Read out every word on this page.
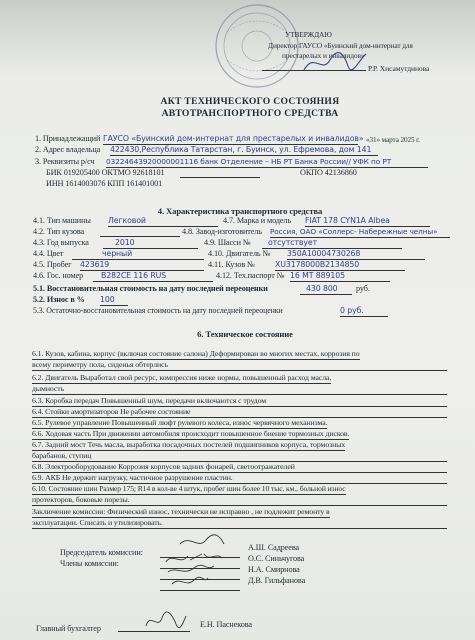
УТВЕРЖДАЮ
Директор ГАУСО «Буинский дом-интернат для
престарелых и инвалидов»
Р.Р. Хисамутдинова
АКТ ТЕХНИЧЕСКОГО СОСТОЯНИЯ
АВТОТРАНСПОРТНОГО СРЕДСТВА
1. Принадлежащий ГАУСО «Буинский дом-интернат для престарелых и инвалидов» «31» марта 2025 г.
2. Адрес владельца 422430,Республика Татарстан, г. Буинск, ул. Ефремова, дом 141
3. Реквизиты р/сч 03224643920000001116 банк Отделение – НБ РТ Банка России// УФК по РТ
БИК 019205400 ОКТМО 92618101	ОКПО 42136860
ИНН 1614003076 КПП 161401001
4. Характеристика транспортного средства
4.1. Тип машины Легковой	4.7. Марка и модель FIAT 178 CYN1A Albea
4.2. Тип кузова	4.8. Завод-изготовитель Россия, ОАО «Соллерс- Набережные челны»
4.3. Год выпуска	2010	4.9. Шасси №	отсутствует
4.4. Цвет	черный	4.10. Двигатель № 350A10004730268
4.5. Пробег 423619	4.11. Кузов №	XU3178000B2134850
4.6. Гос. номер	В282СЕ 116 RUS	4.12. Тех.паспорт № 16 МТ 889105
5.1. Восстановительная стоимость на дату последней переоценки	430 800	руб.
5.2. Износ в % 100
5.3. Остаточно-восстановительная стоимость на дату последней переоценки	0 руб.
6. Техническое состояние
6.1. Кузов, кабина, корпус (включая состояние салона) Деформирован во многих местах, коррозия по
всему периметру пола, сиденья обтерлись
6.2. Двигатель Выработал свой ресурс, компрессия ниже нормы, повышенный расход масла,
дымность
6.3. Коробка передач Повышенный шум, передачи включаются с трудом
6.4. Стойки амортизаторов Не рабочее состояние
6.5. Рулевое управление Повышенный люфт рулевого колеса, износ червячного механизма.
6.6. Ходовая часть При движении автомобиля происходит повышенное биение тормозных дисков.
6.7. Задний мост Течь масла, выработка посадочных постелей подшипников корпуса, тормозных
барабанов, ступиц
6.8. Электрооборудование Коррозия корпусов задних фонарей, светоотражателей
6.9. АКБ Не держит нагрузку, частичное разрушение пластин.
6.10. Состояние шин Размер 175; R14 в кол-ве 4 штук, пробег шин более 10 тыс. км., больной износ
протекторов, боковые порезы.
Заключение комиссии: Физический износ, технически не исправно , не подлежит ремонту в
эксплуатации. Списать и утилизировать.
Председатель комиссии:
А.Ш. Садреева
Члены комиссии:
О.С. Синьчугова
Н.А. Смирнова
Д.В. Гильфанова
Главный бухгалтер	Е.Н. Паснекова
